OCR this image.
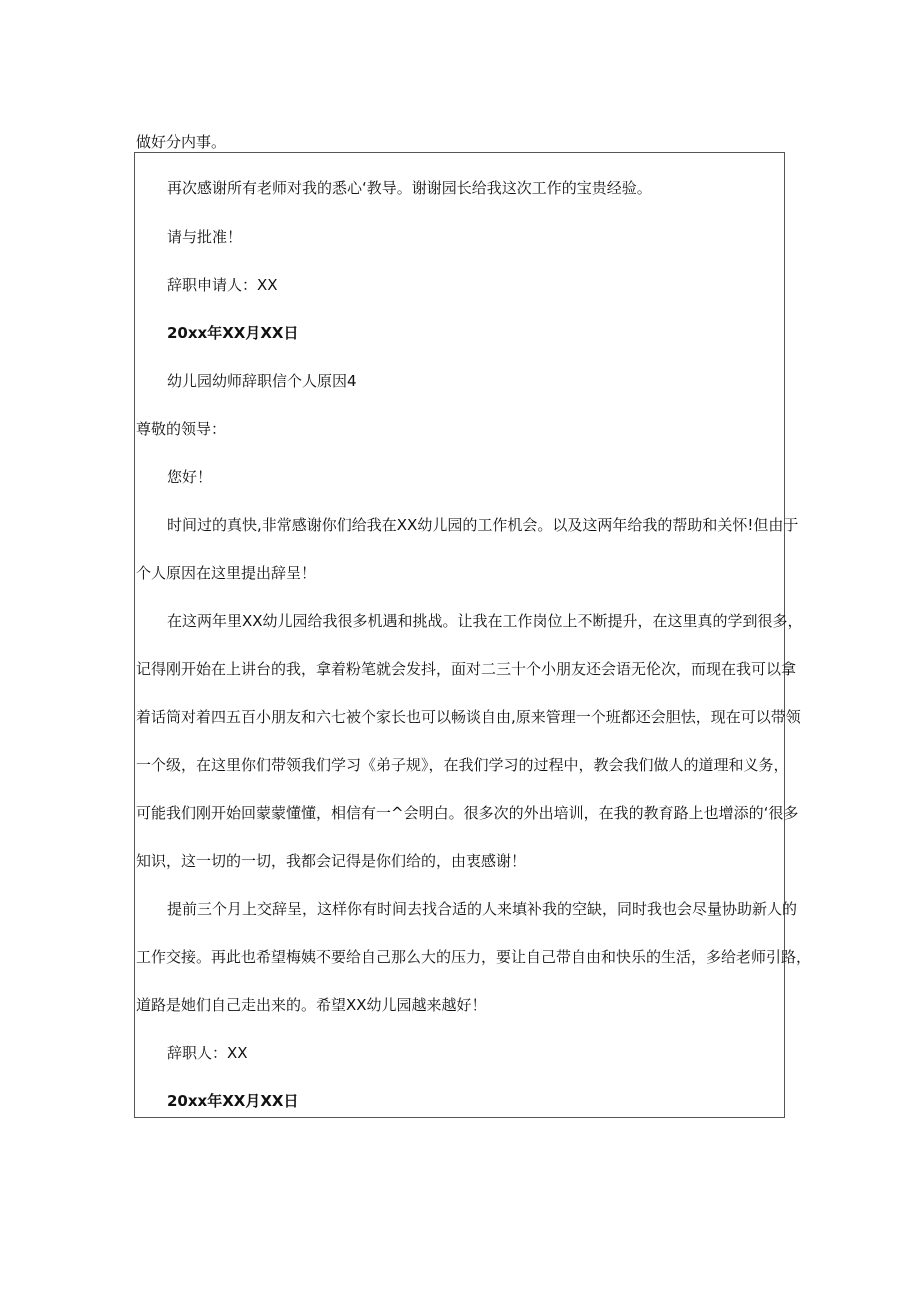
做好分内事。
再次感谢所有老师对我的悉心‘教导。谢谢园长给我这次工作的宝贵经验。
请与批准！
辞职申请人：XX
20xx年XX月XX日
幼儿园幼师辞职信个人原因4
尊敬的领导：
您好！
时间过的真快,非常感谢你们给我在XX幼儿园的工作机会。以及这两年给我的帮助和关怀!但由于
个人原因在这里提出辞呈！
在这两年里XX幼儿园给我很多机遇和挑战。让我在工作岗位上不断提升，在这里真的学到很多，
记得刚开始在上讲台的我，拿着粉笔就会发抖，面对二三十个小朋友还会语无伦次，而现在我可以拿
着话筒对着四五百小朋友和六七被个家长也可以畅谈自由,原来管理一个班都还会胆怯，现在可以带领
一个级，在这里你们带领我们学习《弟子规》，在我们学习的过程中，教会我们做人的道理和义务，
可能我们刚开始回蒙蒙懂懂，相信有一^会明白。很多次的外出培训，在我的教育路上也增添的‘很多
知识，这一切的一切，我都会记得是你们给的，由衷感谢！
提前三个月上交辞呈，这样你有时间去找合适的人来填补我的空缺，同时我也会尽量协助新人的
工作交接。再此也希望梅姨不要给自己那么大的压力，要让自己带自由和快乐的生活，多给老师引路，
道路是她们自己走出来的。希望XX幼儿园越来越好！
辞职人：XX
20xx年XX月XX日
